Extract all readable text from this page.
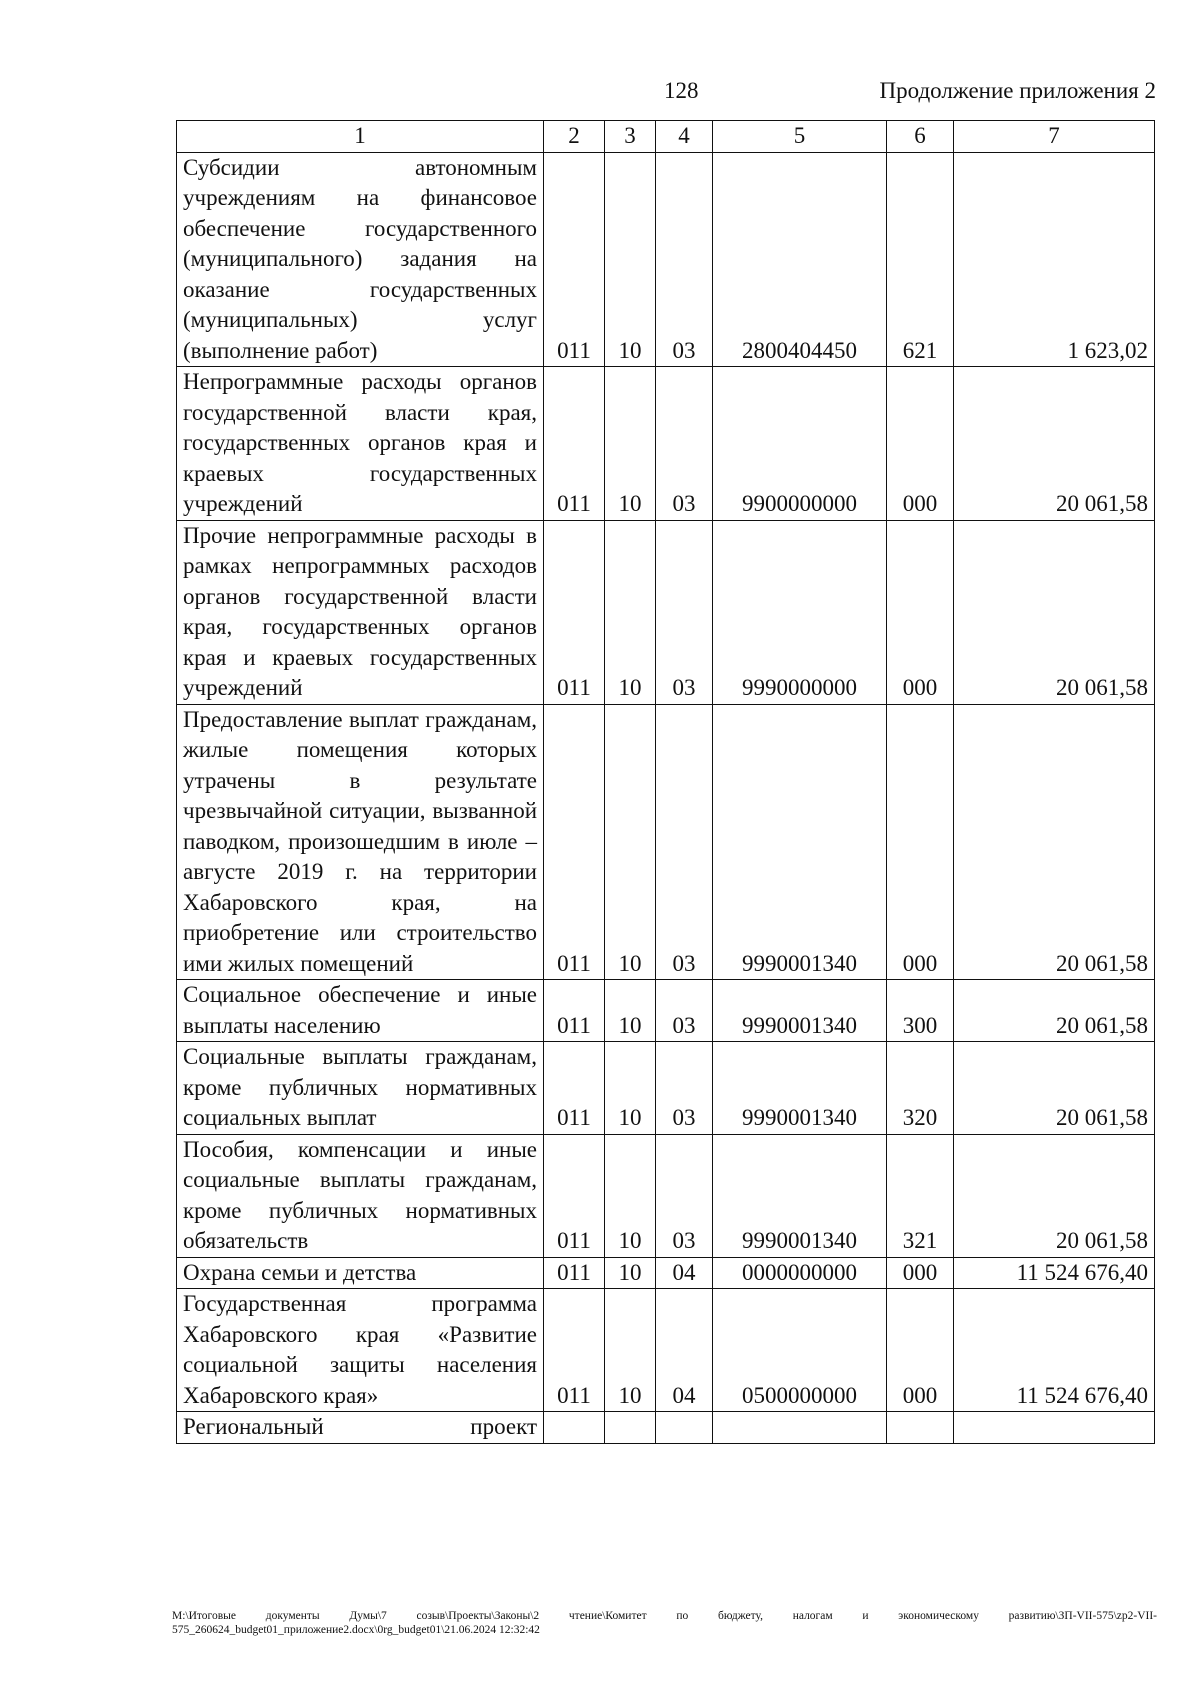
128	Продолжение приложения 2
1	2	3	4	5	6	7
Субсидии автономным учреждениям на финансовое обеспечение государственного (муниципального) задания на оказание государственных (муниципальных) услуг (выполнение работ)	011	10	03	2800404450	621	1 623,02
Непрограммные расходы органов государственной власти края, государственных органов края и краевых государственных учреждений	011	10	03	9900000000	000	20 061,58
Прочие непрограммные расходы в рамках непрограммных расходов органов государственной власти края, государственных органов края и краевых государственных учреждений	011	10	03	9990000000	000	20 061,58
Предоставление выплат гражданам, жилые помещения которых утрачены в результате чрезвычайной ситуации, вызванной паводком, произошедшим в июле – августе 2019 г. на территории Хабаровского края, на приобретение или строительство ими жилых помещений	011	10	03	9990001340	000	20 061,58
Социальное обеспечение и иные выплаты населению	011	10	03	9990001340	300	20 061,58
Социальные выплаты гражданам, кроме публичных нормативных социальных выплат	011	10	03	9990001340	320	20 061,58
Пособия, компенсации и иные социальные выплаты гражданам, кроме публичных нормативных обязательств	011	10	03	9990001340	321	20 061,58
Охрана семьи и детства	011	10	04	0000000000	000	11 524 676,40
Государственная программа Хабаровского края «Развитие социальной защиты населения Хабаровского края»	011	10	04	0500000000	000	11 524 676,40
Региональный проект						
М:\Итоговые документы Думы\7 созыв\Проекты\Законы\2 чтение\Комитет по бюджету, налогам и экономическому развитию\ЗП-VII-575\zp2-VII-575_260624_budget01_приложение2.docx\0rg_budget01\21.06.2024 12:32:42
